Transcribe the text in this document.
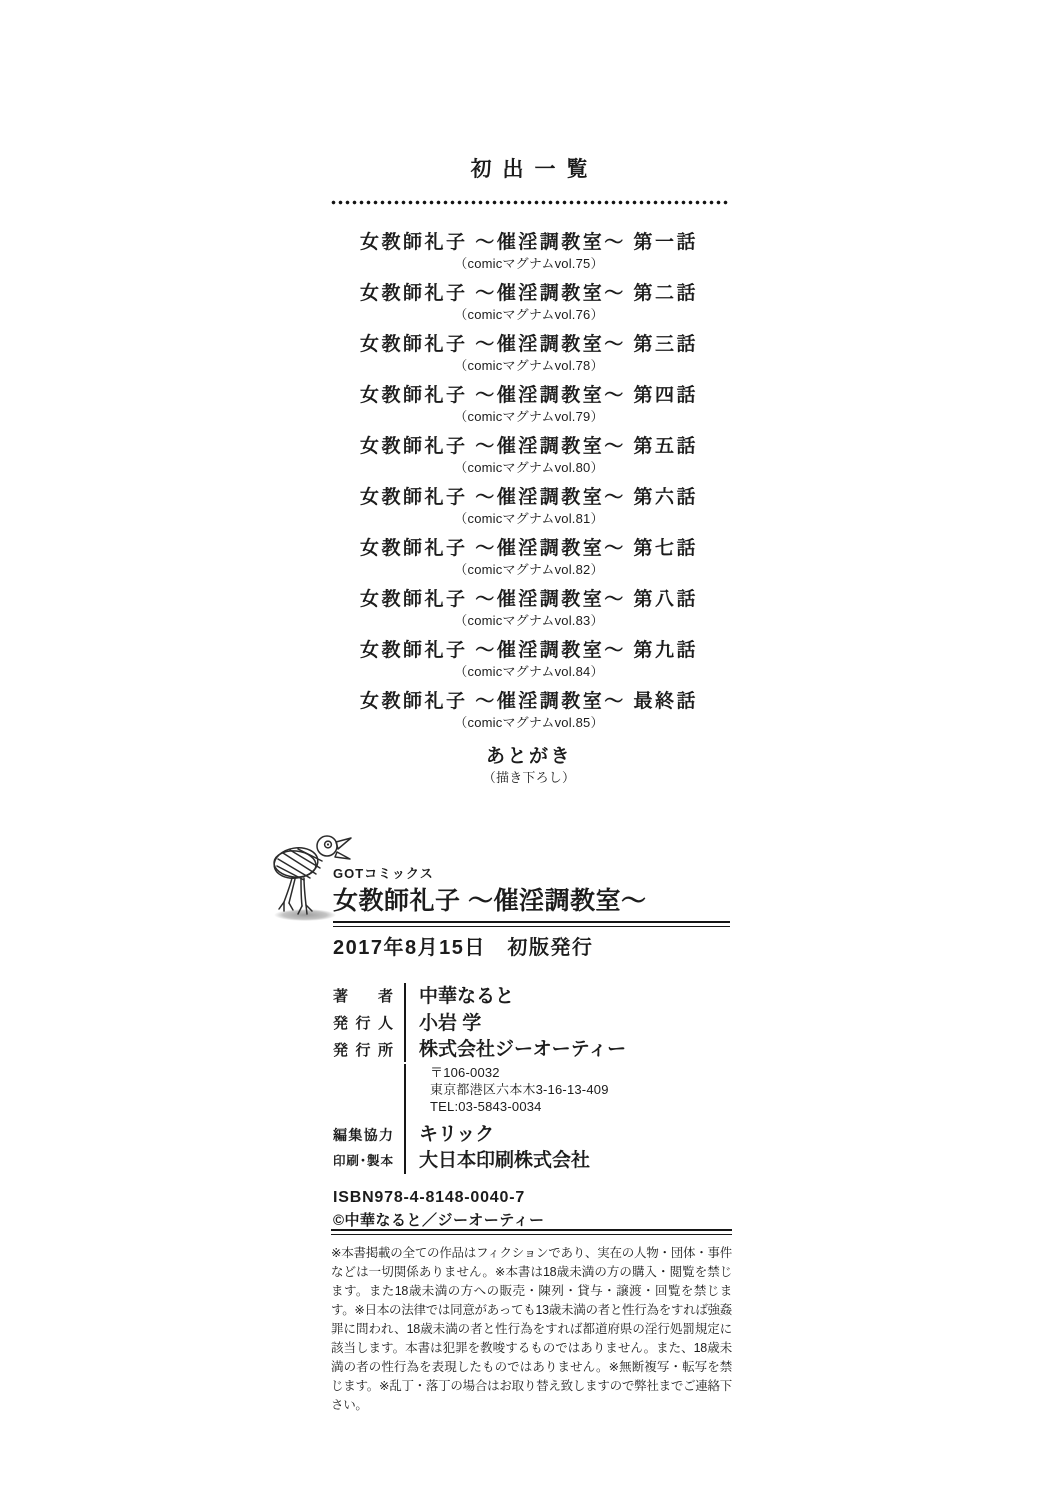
初出一覧
女教師礼子 ～催淫調教室～ 第一話
（comicマグナムvol.75）
女教師礼子 ～催淫調教室～ 第二話
（comicマグナムvol.76）
女教師礼子 ～催淫調教室～ 第三話
（comicマグナムvol.78）
女教師礼子 ～催淫調教室～ 第四話
（comicマグナムvol.79）
女教師礼子 ～催淫調教室～ 第五話
（comicマグナムvol.80）
女教師礼子 ～催淫調教室～ 第六話
（comicマグナムvol.81）
女教師礼子 ～催淫調教室～ 第七話
（comicマグナムvol.82）
女教師礼子 ～催淫調教室～ 第八話
（comicマグナムvol.83）
女教師礼子 ～催淫調教室～ 第九話
（comicマグナムvol.84）
女教師礼子 ～催淫調教室～ 最終話
（comicマグナムvol.85）
あとがき
（描き下ろし）
GOTコミックス
女教師礼子 ～催淫調教室～
2017年8月15日　初版発行
著者	中華なると
発行人	小岩 学
発行所	株式会社ジーオーティー
〒106-0032
東京都港区六本木3-16-13-409
TEL:03-5843-0034
編集協力	キリック
印刷･製本	大日本印刷株式会社
ISBN978-4-8148-0040-7
©中華なると／ジーオーティー

※本書掲載の全ての作品はフィクションであり、実在の人物・団体・事件などは一切関係ありません。※本書は18歳未満の方の購入・閲覧を禁じます。また18歳未満の方への販売・陳列・貸与・譲渡・回覧を禁じます。※日本の法律では同意があっても13歳未満の者と性行為をすれば強姦罪に問われ、18歳未満の者と性行為をすれば都道府県の淫行処罰規定に該当します。本書は犯罪を教唆するものではありません。また、18歳未満の者の性行為を表現したものではありません。※無断複写・転写を禁じます。※乱丁・落丁の場合はお取り替え致しますので弊社までご連絡下さい。
